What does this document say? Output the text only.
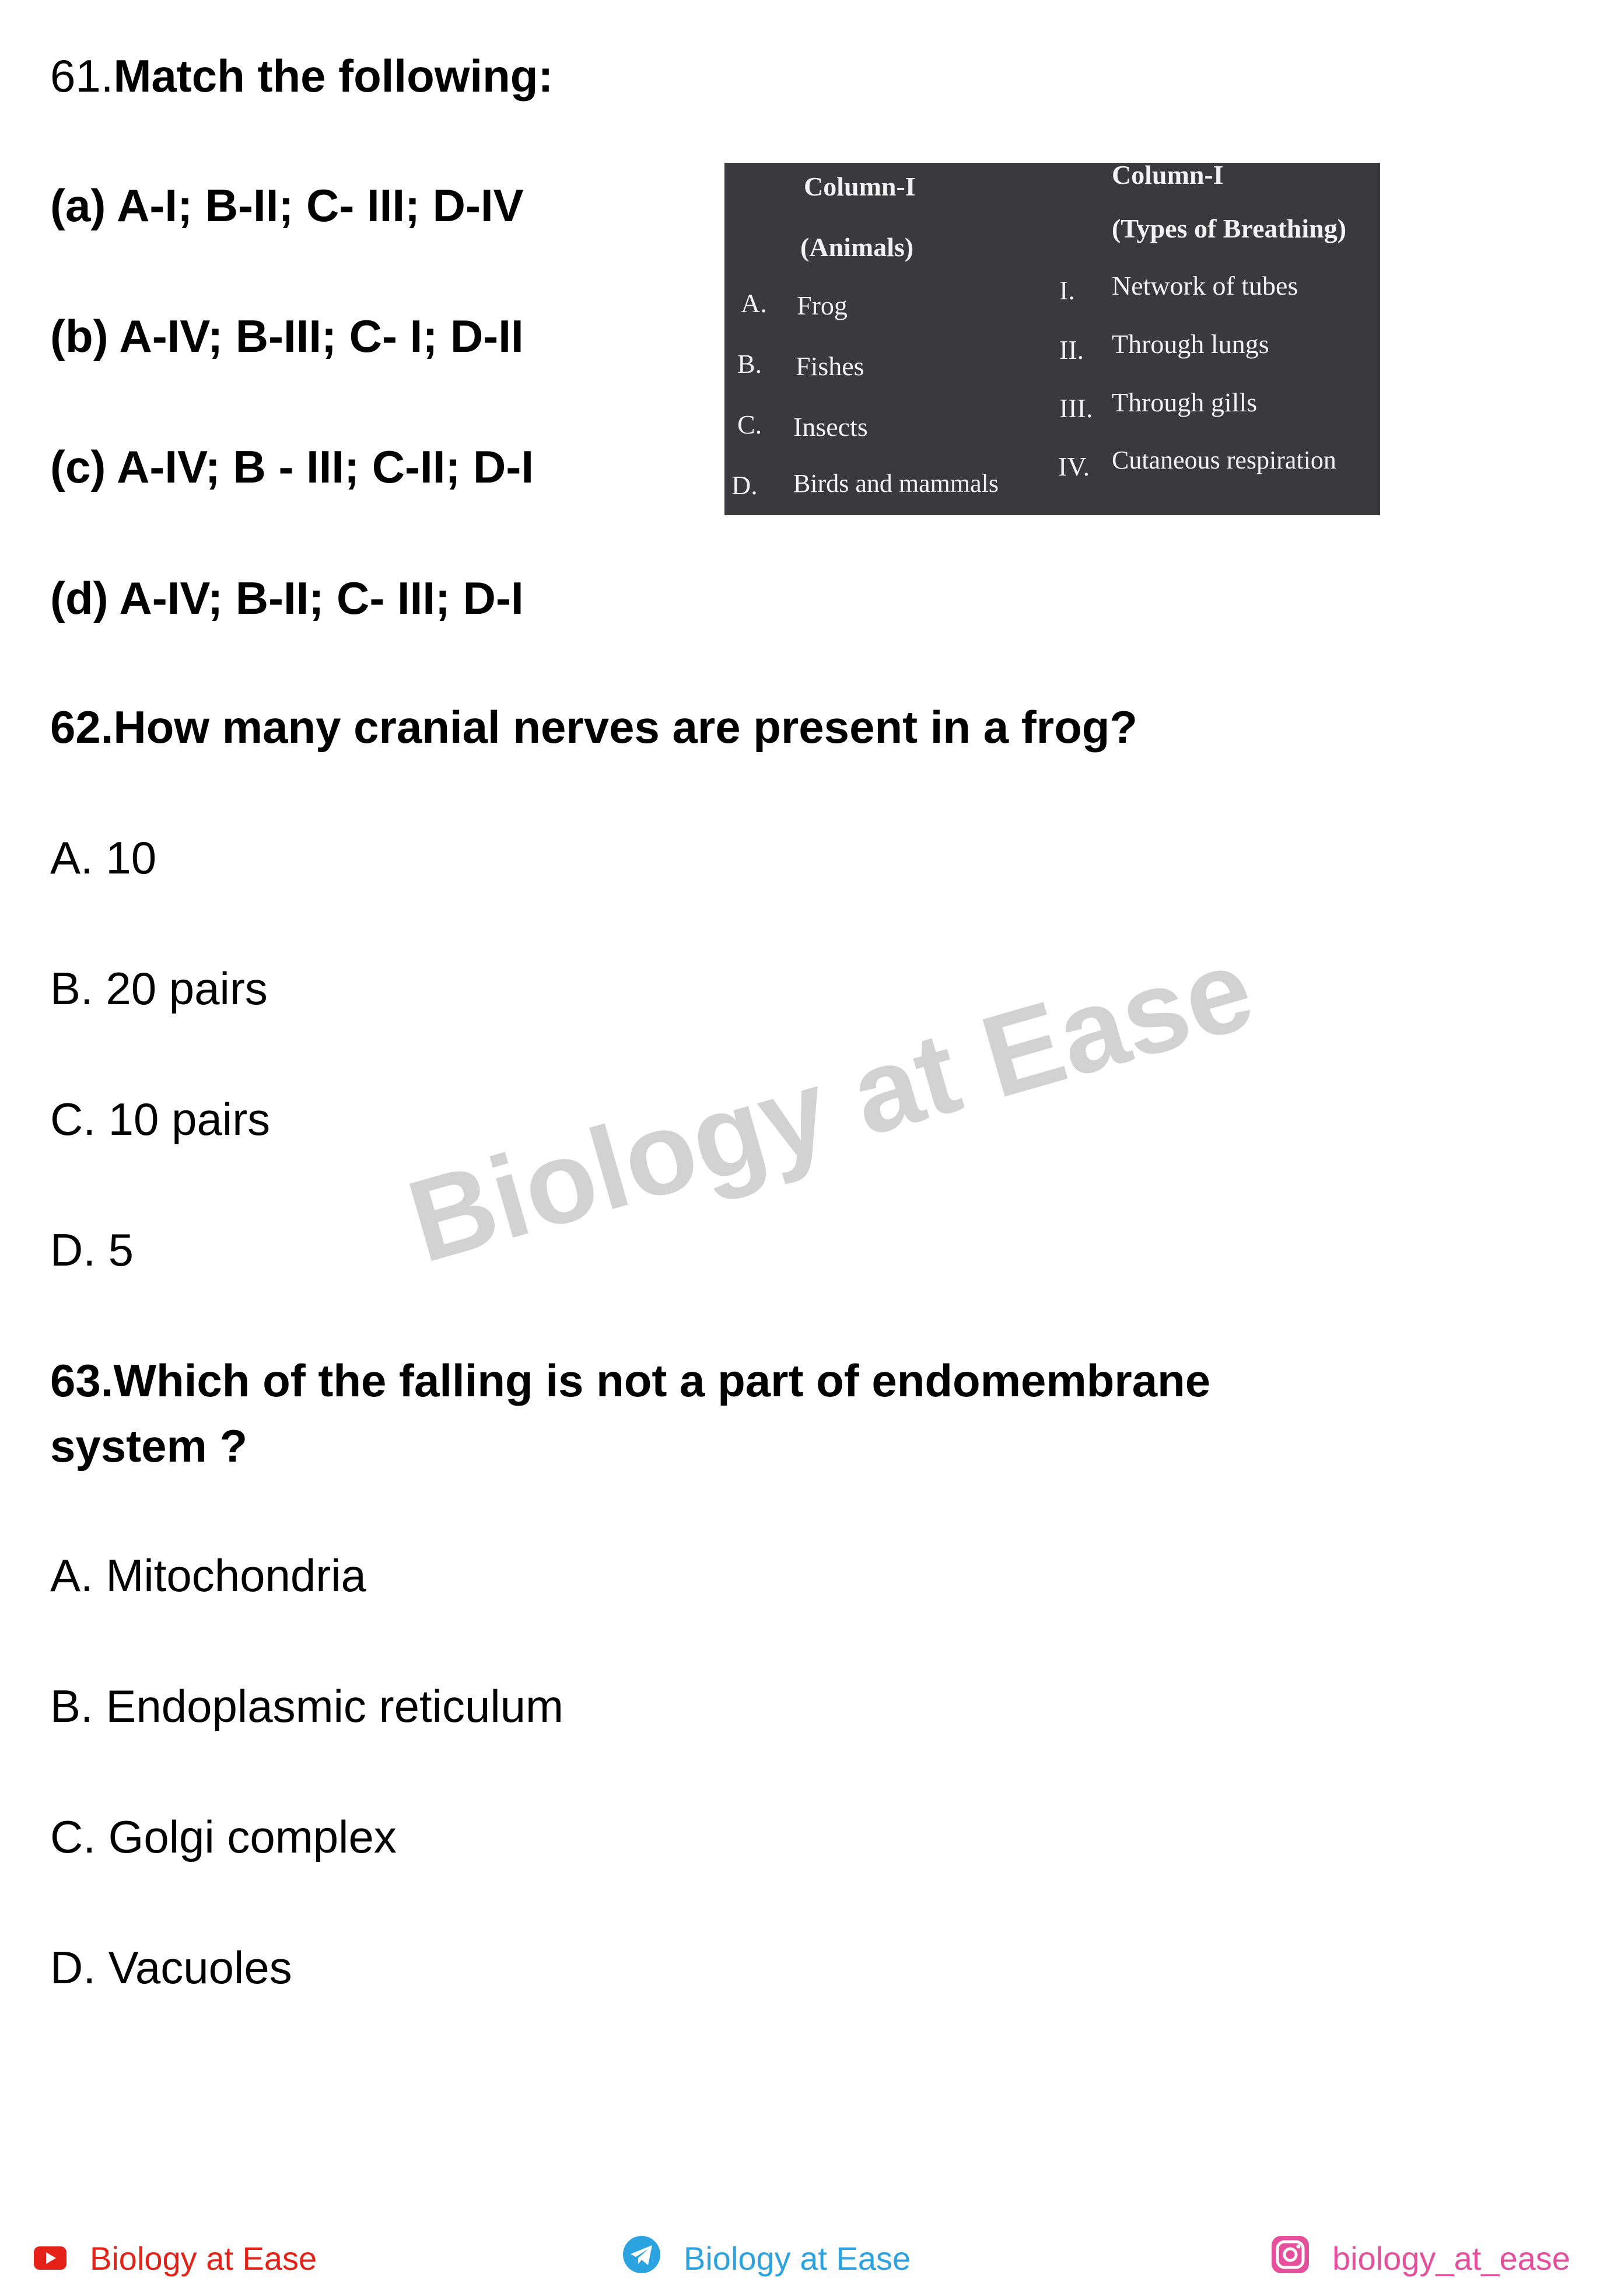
61.Match the following:
(a) A-I; B-II; C- III; D-IV
(b) A-IV; B-III; C- I; D-II
(c) A-IV; B - III; C-II; D-I
(d) A-IV; B-II; C- III; D-I
Column-I
(Animals)
Column-I
(Types of Breathing)
A. Frog
I. Network of tubes
B. Fishes
II. Through lungs
C. Insects
III. Through gills
D. Birds and mammals
IV. Cutaneous respiration
62.How many cranial nerves are present in a frog?
A. 10
B. 20 pairs
C. 10 pairs
D. 5 Biology at Ease
63.Which of the falling is not a part of endomembrane system ?
A. Mitochondria
B. Endoplasmic reticulum
C. Golgi complex
D. Vacuoles
Biology at Ease	Biology at Ease	biology_at_ease
